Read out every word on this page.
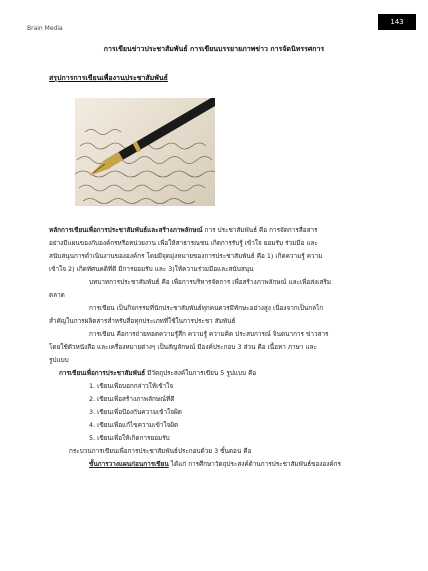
Brain Media
143
การเขียนข่าวประชาสัมพันธ์ การเขียนบรรยายภาพข่าว การจัดนิทรรศการ
สรุปการการเขียนเพื่องานประชาสัมพันธ์

หลักการเขียนเพื่อการประชาสัมพันธ์และสร้างภาพลักษณ์ การ ประชาสัมพันธ์ คือ การจัดการสื่อสาร
อย่างมีแผนของกับองค์กรหรือหน่วยงาน เพื่อให้สาธารณชน เกิดการรับรู้ เข้าใจ ยอมรับ ร่วมมือ และ
สนับสนุนการดำเนินงานขององค์กร โดยมีจุดมุ่งหมายของการประชาสัมพันธ์ คือ 1) เกิดความรู้ ความ
เข้าใจ 2) เกิดทัศนคติที่ดี มีการยอมรับ และ 3)ให้ความร่วมมือและสนับสนุน

บทบาทการประชาสัมพันธ์ คือ เพื่อการบริหารจัดการ เพื่อสร้างภาพลักษณ์ และเพื่อส่งเสริม
ตลาด

การเขียน เป็นกิจกรรมที่นักประชาสัมพันธ์ทุกคนควรมีทักษะอย่างสูง เนื่องจากเป็นกลไก
สำคัญในการผลิตสารสำหรับสื่อทุกประเภทที่ใช้ในการประชา สัมพันธ์

การเขียน คือการถ่ายทอดความรู้สึก ความรู้ ความคิด ประสบการณ์ จินตนาการ ข่าวสาร
โดยใช้ตัวหนังสือ และเครื่องหมายต่างๆ เป็นสัญลักษณ์ มีองค์ประกอบ 3 ส่วน คือ เนื้อหา ภาษา และ
รูปแบบ

การเขียนเพื่อการประชาสัมพันธ์ มีวัตถุประสงค์ในการเขียน 5 รูปแบบ คือ

1. เขียนเพื่อบอกกล่าวให้เข้าใจ
2. เขียนเพื่อสร้างภาพลักษณ์ที่ดี
3. เขียนเพื่อป้องกันความเข้าใจผิด
4. เขียนเพื่อแก้ไขความเข้าใจผิด
5. เขียนเพื่อให้เกิดการยอมรับ

กระบวนการเขียนเพื่อการประชาสัมพันธ์ประกอบด้วย 3 ขั้นตอน คือ

ขั้นการวางแผนก่อนการเขียน ได้แก่ การศึกษาวัตถุประสงค์ด้านการประชาสัมพันธ์ขององค์กร
